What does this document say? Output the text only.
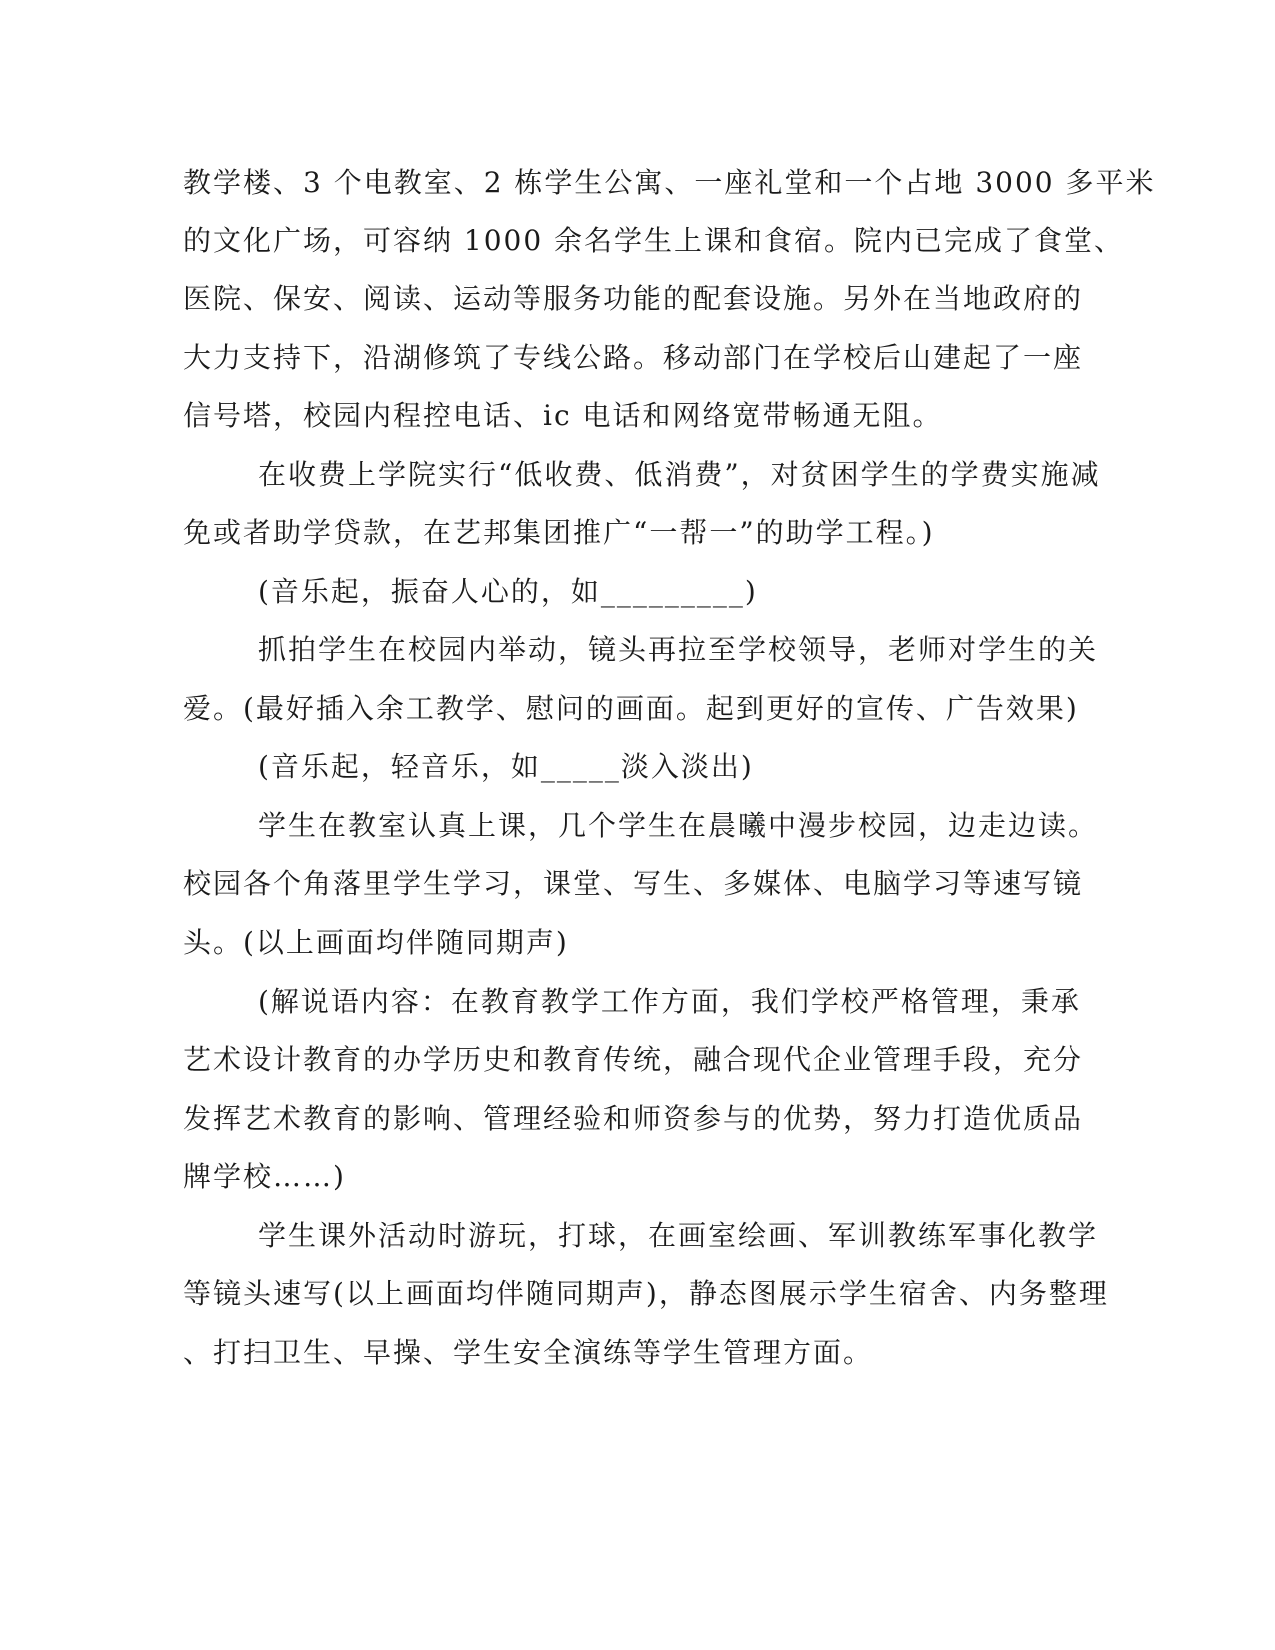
教学楼、3 个电教室、2 栋学生公寓、一座礼堂和一个占地 3000 多平米
的文化广场，可容纳 1000 余名学生上课和食宿。院内已完成了食堂、
医院、保安、阅读、运动等服务功能的配套设施。另外在当地政府的
大力支持下，沿湖修筑了专线公路。移动部门在学校后山建起了一座
信号塔，校园内程控电话、ic 电话和网络宽带畅通无阻。
在收费上学院实行“低收费、低消费”，对贫困学生的学费实施减
免或者助学贷款，在艺邦集团推广“一帮一”的助学工程。)
(音乐起，振奋人心的，如_________)
抓拍学生在校园内举动，镜头再拉至学校领导，老师对学生的关
爱。(最好插入余工教学、慰问的画面。起到更好的宣传、广告效果)
(音乐起，轻音乐，如_____淡入淡出)
学生在教室认真上课，几个学生在晨曦中漫步校园，边走边读。
校园各个角落里学生学习，课堂、写生、多媒体、电脑学习等速写镜
头。(以上画面均伴随同期声)
(解说语内容：在教育教学工作方面，我们学校严格管理，秉承
艺术设计教育的办学历史和教育传统，融合现代企业管理手段，充分
发挥艺术教育的影响、管理经验和师资参与的优势，努力打造优质品
牌学校……)
学生课外活动时游玩，打球，在画室绘画、军训教练军事化教学
等镜头速写(以上画面均伴随同期声)，静态图展示学生宿舍、内务整理
、打扫卫生、早操、学生安全演练等学生管理方面。
